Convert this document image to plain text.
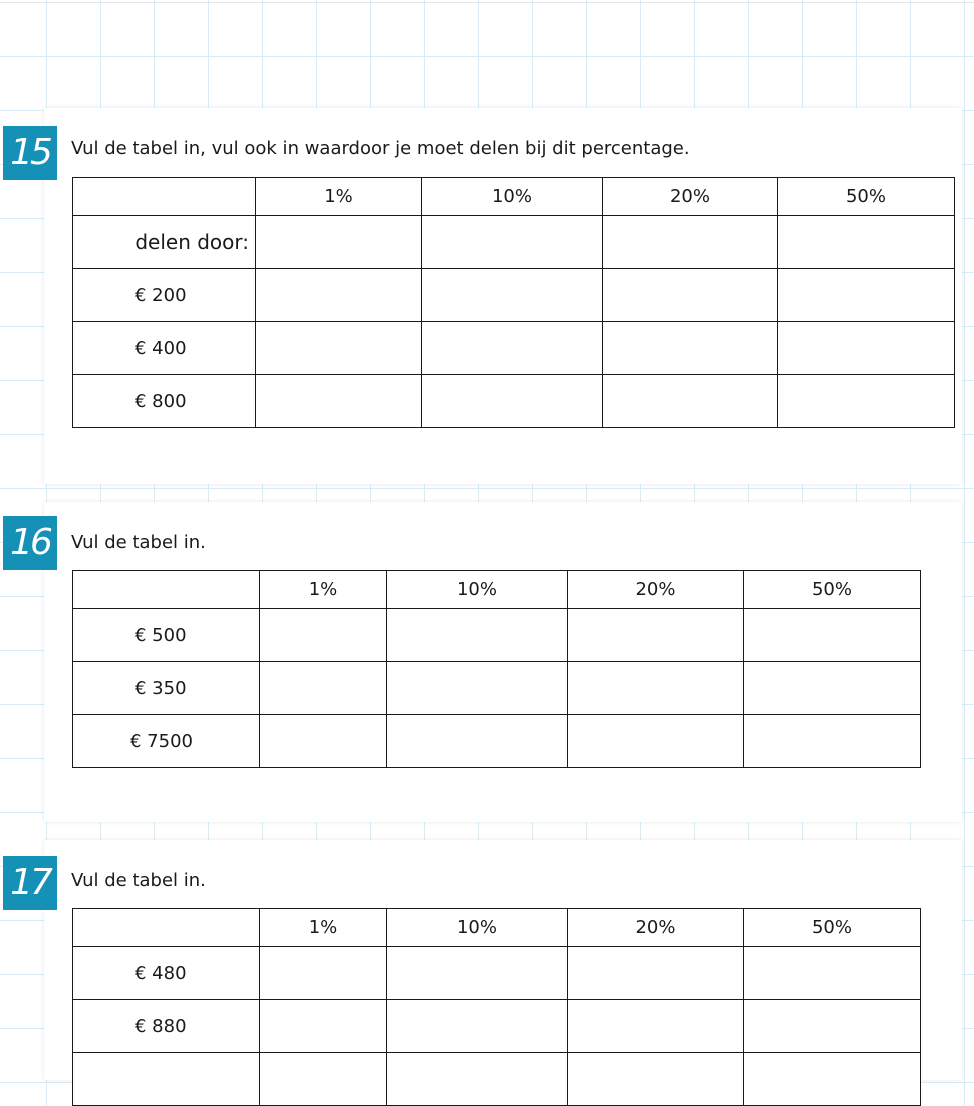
15	Vul de tabel in, vul ook in waardoor je moet delen bij dit percentage.
	1%	10%	20%	50%
delen door:				
€ 200				
€ 400				
€ 800				
16	Vul de tabel in.
	1%	10%	20%	50%
€ 500				
€ 350				
€ 7500				
17	Vul de tabel in.
	1%	10%	20%	50%
€ 480				
€ 880				
